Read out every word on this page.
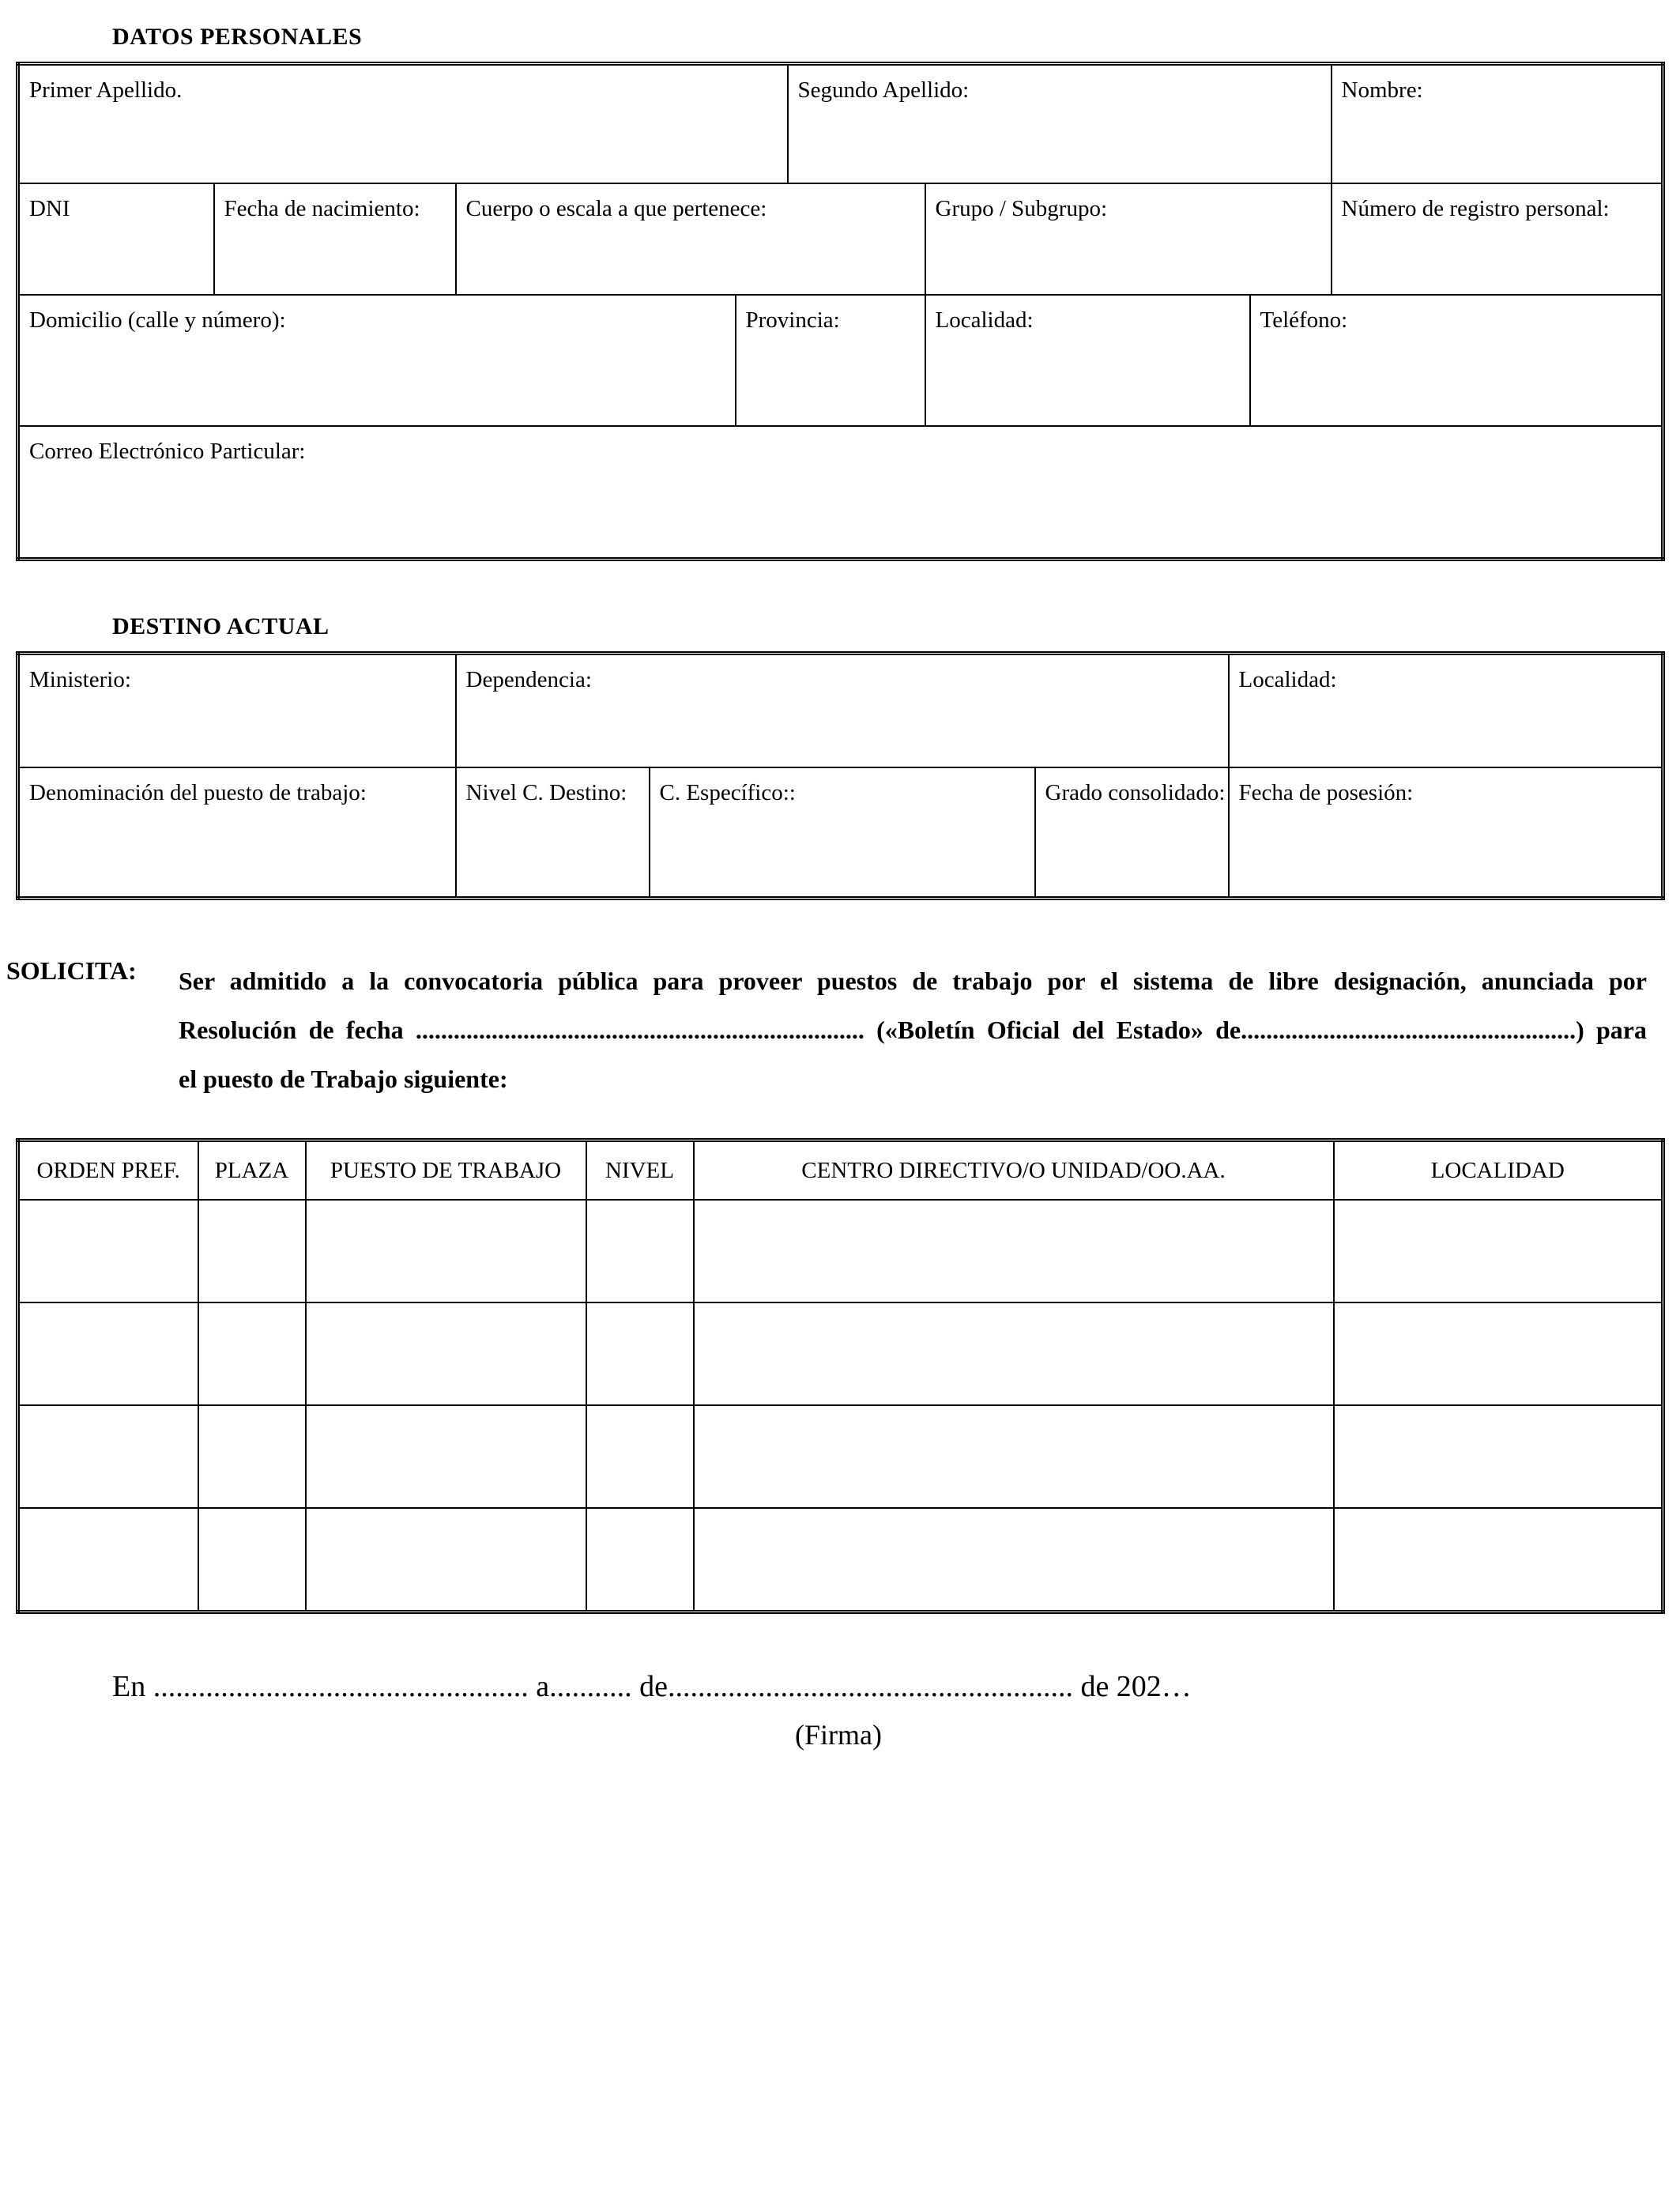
DATOS PERSONALES
Primer Apellido.				Segundo Apellido:			Nombre:
DNI	Fecha de nacimiento:	Cuerpo o escala a que pertenece:			Grupo / Subgrupo:		Número de registro personal:
Domicilio (calle y número):			Provincia:		Localidad:	Teléfono:	
Correo Electrónico Particular:							
DESTINO ACTUAL
Ministerio:	Dependencia:			Localidad:
Denominación del puesto de trabajo:	Nivel C. Destino:	C. Específico::	Grado consolidado:	Fecha de posesión:
SOLICITA: Ser admitido a la convocatoria pública para proveer puestos de trabajo por el sistema de libre designación, anunciada por
Resolución de fecha ....................................................................... («Boletín Oficial del Estado» de.....................................................) para
el puesto de Trabajo siguiente:
ORDEN PREF.	PLAZA	PUESTO DE TRABAJO	NIVEL	CENTRO DIRECTIVO/O UNIDAD/OO.AA.	LOCALIDAD

En .................................................. a........... de...................................................... de 202…
(Firma)
